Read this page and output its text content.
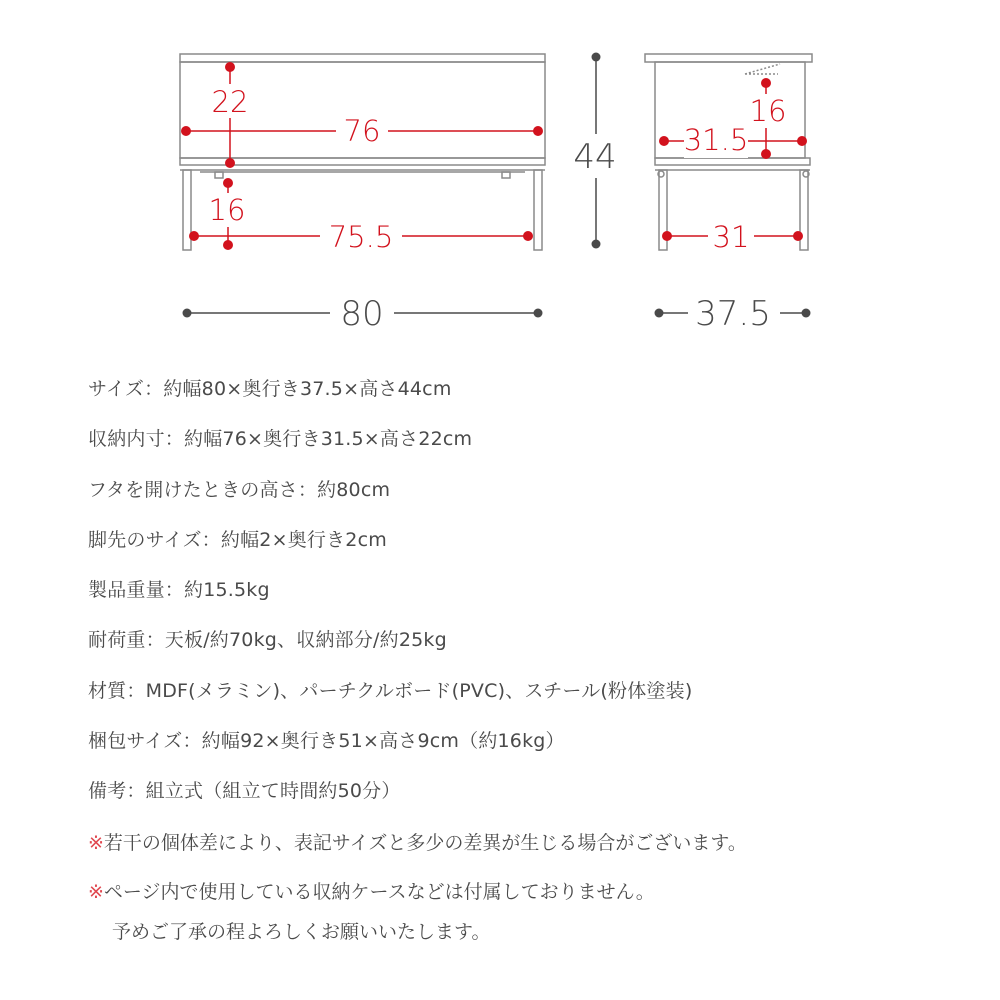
22
76
16
75.5
80
44
16
31.5
31
37.5
サイズ：約幅80×奥行き37.5×高さ44cm
収納内寸：約幅76×奥行き31.5×高さ22cm
フタを開けたときの高さ：約80cm
脚先のサイズ：約幅2×奥行き2cm
製品重量：約15.5kg
耐荷重：天板/約70kg、収納部分/約25kg
材質：MDF(メラミン)、パーチクルボード(PVC)、スチール(粉体塗装)
梱包サイズ：約幅92×奥行き51×高さ9cm（約16kg）
備考：組立式（組立て時間約50分）
※若干の個体差により、表記サイズと多少の差異が生じる場合がございます。
※ページ内で使用している収納ケースなどは付属しておりません。
予めご了承の程よろしくお願いいたします。
